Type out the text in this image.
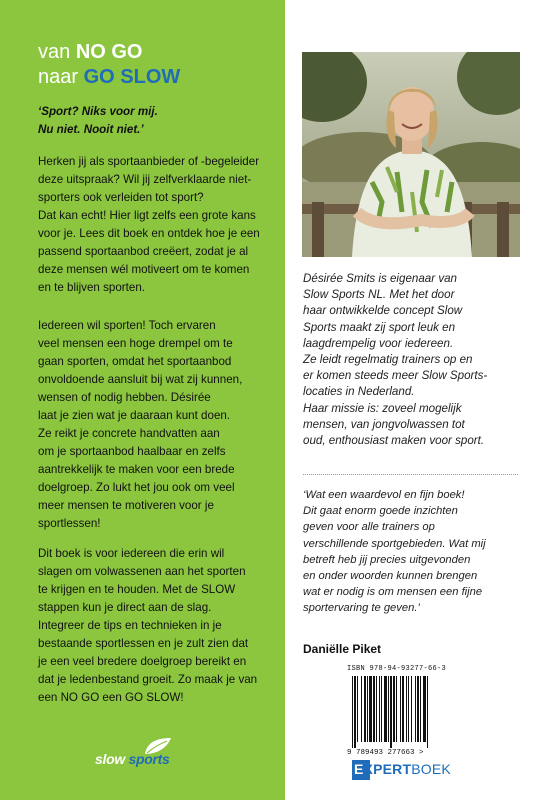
van NO GO
naar GO SLOW
‘Sport? Niks voor mij.
Nu niet. Nooit niet.’

Herken jij als sportaanbieder of -begeleider
deze uitspraak? Wil jij zelfverklaarde niet-
sporters ook verleiden tot sport?
Dat kan echt! Hier ligt zelfs een grote kans
voor je. Lees dit boek en ontdek hoe je een
passend sportaanbod creëert, zodat je al
deze mensen wél motiveert om te komen
en te blijven sporten.

Iedereen wil sporten! Toch ervaren
veel mensen een hoge drempel om te
gaan sporten, omdat het sportaanbod
onvoldoende aansluit bij wat zij kunnen,
wensen of nodig hebben. Désirée
laat je zien wat je daaraan kunt doen.
Ze reikt je concrete handvatten aan
om je sportaanbod haalbaar en zelfs
aantrekkelijk te maken voor een brede
doelgroep. Zo lukt het jou ook om veel
meer mensen te motiveren voor je
sportlessen!

Dit boek is voor iedereen die erin wil
slagen om volwassenen aan het sporten
te krijgen en te houden. Met de SLOW
stappen kun je direct aan de slag.
Integreer de tips en technieken in je
bestaande sportlessen en je zult zien dat
je een veel bredere doelgroep bereikt en
dat je ledenbestand groeit. Zo maak je van
een NO GO een GO SLOW!

slow sports

Désirée Smits is eigenaar van
Slow Sports NL. Met het door
haar ontwikkelde concept Slow
Sports maakt zij sport leuk en
laagdrempelig voor iedereen.
Ze leidt regelmatig trainers op en
er komen steeds meer Slow Sports-
locaties in Nederland.
Haar missie is: zoveel mogelijk
mensen, van jongvolwassen tot
oud, enthousiast maken voor sport.

‘Wat een waardevol en fijn boek!
Dit gaat enorm goede inzichten
geven voor alle trainers op
verschillende sportgebieden. Wat mij
betreft heb jij precies uitgevonden
en onder woorden kunnen brengen
wat er nodig is om mensen een fijne
sportervaring te geven.’

Daniëlle Piket
ISBN 978-94-93277-66-3
9 789493 277663 >
EXPERTBOEK
